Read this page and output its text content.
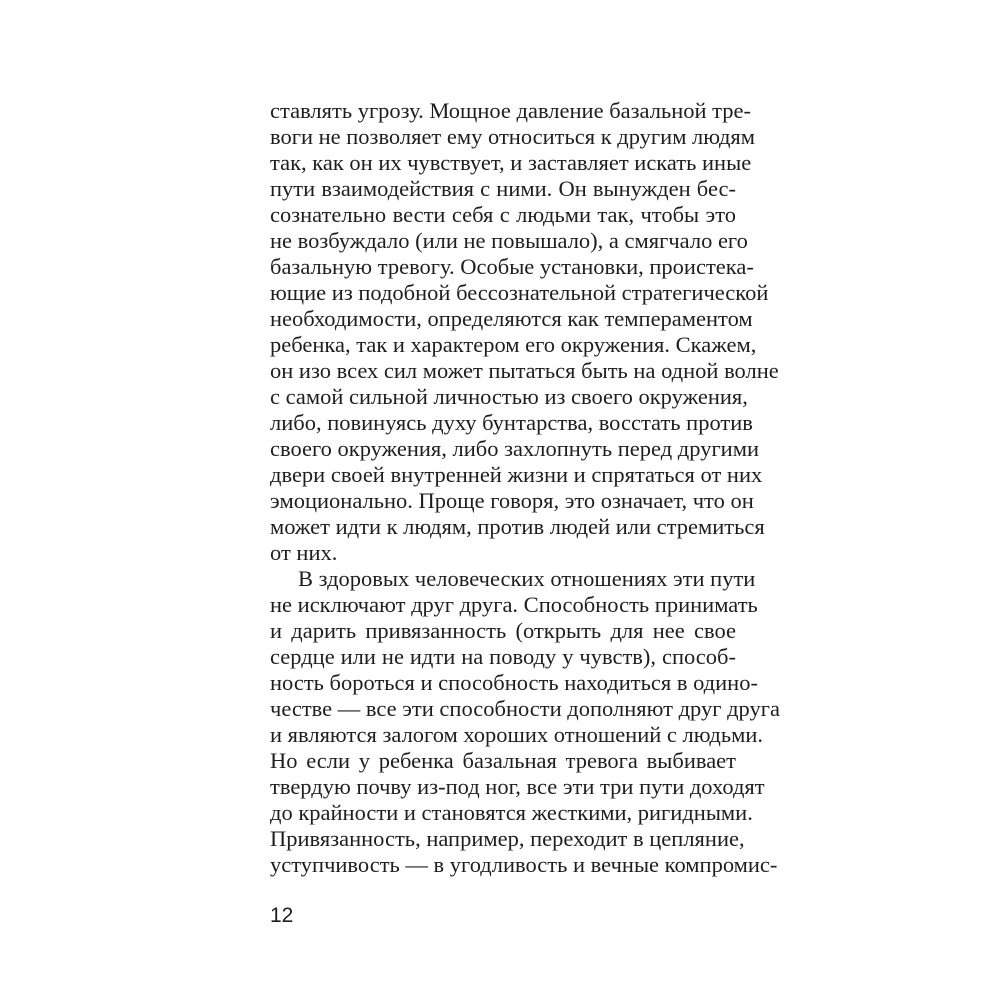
ставлять угрозу. Мощное давление базальной тре-
воги не позволяет ему относиться к другим людям
так, как он их чувствует, и заставляет искать иные
пути взаимодействия с ними. Он вынужден бес-
сознательно вести себя с людьми так, чтобы это
не возбуждало (или не повышало), а смягчало его
базальную тревогу. Особые установки, проистека-
ющие из подобной бессознательной стратегической
необходимости, определяются как темпераментом
ребенка, так и характером его окружения. Скажем,
он изо всех сил может пытаться быть на одной волне
с самой сильной личностью из своего окружения,
либо, повинуясь духу бунтарства, восстать против
своего окружения, либо захлопнуть перед другими
двери своей внутренней жизни и спрятаться от них
эмоционально. Проще говоря, это означает, что он
может идти к людям, против людей или стремиться
от них.
В здоровых человеческих отношениях эти пути
не исключают друг друга. Способность принимать
и дарить привязанность (открыть для нее свое
сердце или не идти на поводу у чувств), способ-
ность бороться и способность находиться в одино-
честве — все эти способности дополняют друг друга
и являются залогом хороших отношений с людьми.
Но если у ребенка базальная тревога выбивает
твердую почву из-под ног, все эти три пути доходят
до крайности и становятся жесткими, ригидными.
Привязанность, например, переходит в цепляние,
уступчивость — в угодливость и вечные компромис-
12
